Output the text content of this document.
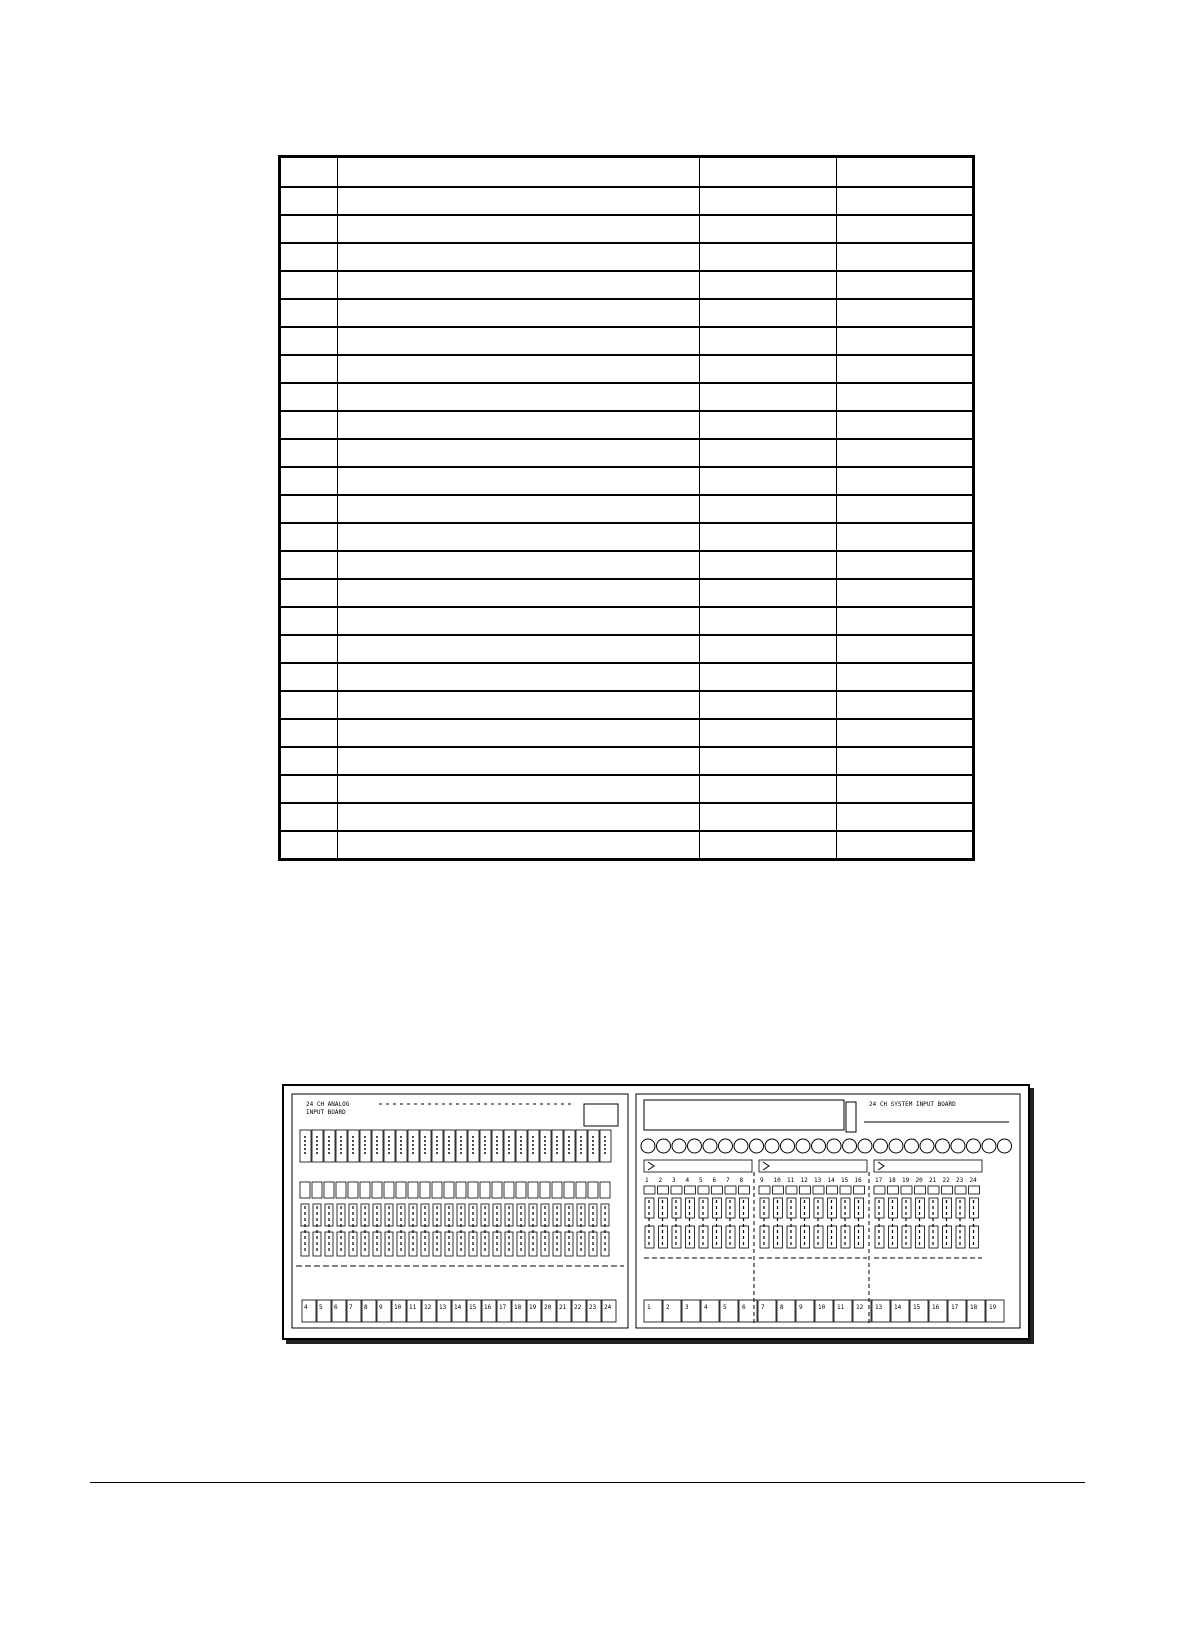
24 CH ANALOG
INPUT BOARD
24 CH SYSTEM INPUT BOARD
4 5 6 7 8 9 10 11 12 13 14 15 16 17 18 19 20 21 22 23 24
1 2 3 4 5 6 7 8	9 10 11 12 13 14 15 16 17 18 19 20 21 22 23 24
1	2	3	4	5	6	7	8	9	10 11 12 13 14 15 16 17 18 19
